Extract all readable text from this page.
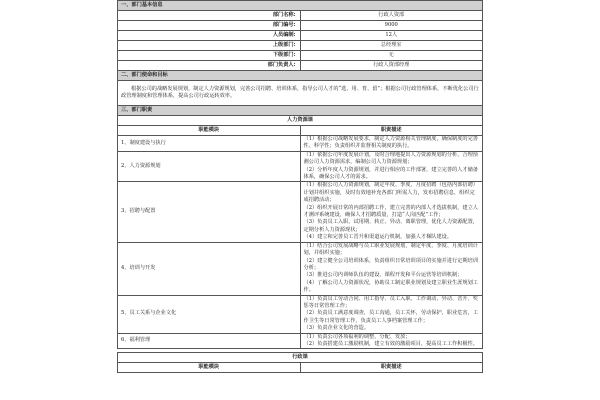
一、部门基本信息	
部门名称:	行政人资部
部门编号:	9000
人员编制:	12人
上级部门:	总经理室
下级部门:	无
部门负责人:	行政人资部经理
二、部门使命和目标	

根据公司的战略发展规划，制定人力资源规划，完善公司招聘、培训体系，指导公司人才的“选、用、育、留”；根据公司行政管理体系，不断优化公司行政管理制度和管理体系，提高公司行政运转效率。	

三、部门职责	
人力资源课	
职能模块	职责描述
1、制度建设与执行	（1）根据公司战略发展要求，制定人力资源相关管理制度，确保制度的完善性、科学性；负责组织并监督相关制度的执行。

2、人力资源规划	（1）依据公司年度发展计划，及时合理地提出人力资源规划的分析、合理预测公司人力资源需求，编制公司人力资源规划；
（2）分析年度人力资源规划，并进行相应的工作部署，建立完善的人才储备体系，确保公司人才的需求。

3、招聘与配置	（1）根据公司人力资源规划，制定年度、季度、月度招聘（包括内部招聘）计划并组织实施，及时有效地补充各部门所需人力，发布招聘信息，组织完成招聘活动；
（2）组织开展日常的内部招聘工作，建立完善的内部人才选拔机制，建立人才测评系统建设，确保人才招聘质量，打造“人岗匹配”工作；
（3）负责员工入职、试用期、转正、异动、离职管理，优化人力资源配置，定期分析人力资源现状；
（4）建立和完善员工晋升和渠道运行机制，加强人才梯队建设。

4、培训与开发	（1）结合公司发展战略与员工职业发展规划，制定年度、季度、月度培训计划，并组织实施；
（2）建立健全公司培训体系，负责组织日常培训项目的实施并进行定期培训分析；
（3）推进公司内训师队伍的建设，课程开发和平台运营等培训机制；
（4）了解公司人力资源状况，协助员工制定职业规划及建立职业生涯规划工作。

5、员工关系与企业文化	（1）负责员工劳动合同、用工指导、员工入职、工作调动、异动、晋升、奖惩等日常管理工作；
（2）负责员工满意度调查，员工沟通，员工关怀，劳动保护，职业危害，工作卫生等日常管理工作，负责员工人事档案管理工作；
（3）负责企业文化的营造。

6、福利管理	（1）负责公司各项福利的调整、分配、发放；
（2）负责搭建员工激励机制，建立有效的激励项目，提高员工工作积极性。

行政课	
职能模块	职责描述
